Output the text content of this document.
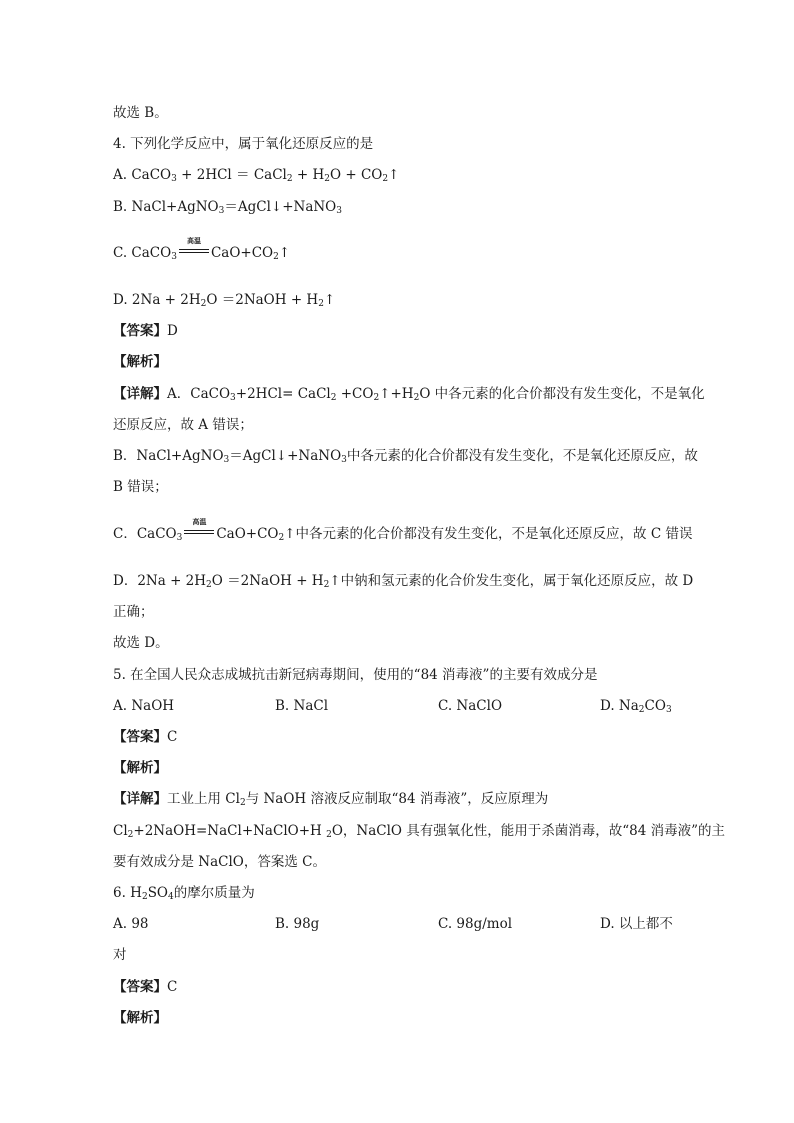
故选 B。
4. 下列化学反应中，属于氧化还原反应的是
A. CaCO$_3$ + 2HCl ＝ CaCl$_2$ + $H_2O$ + $CO_2↑$
B. NaCl+AgNO$_3$＝AgCl↓+NaNO$_3$
C. CaCO$_3$
高温
$CaO+CO_2↑$
D. $2Na + 2H_2O$ ＝2NaOH + $H_2↑$
【答案】D
【解析】
【详解】A．CaCO$_3$+2HCl= CaCl$_2$ $+CO_2↑+H_2O$ 中各元素的化合价都没有发生变化，不是氧化
还原反应，故 A 错误；
B．NaCl+AgNO$_3$＝AgCl↓+NaNO$_3$中各元素的化合价都没有发生变化，不是氧化还原反应，故
B 错误；
C．CaCO$_3$
高温
$CaO+CO_2↑$中各元素的化合价都没有发生变化，不是氧化还原反应，故 C 错误
D．$2Na + 2H_2O$ ＝2NaOH + $H_2↑$中钠和氢元素的化合价发生变化，属于氧化还原反应，故 D
正确；
故选 D。
5. 在全国人民众志成城抗击新冠病毒期间，使用的“84 消毒液”的主要有效成分是
A. NaOH	B. NaCl	C. NaClO	D. $Na_2CO_3$
【答案】C
【解析】
【详解】工业上用 $Cl_2$与 NaOH 溶液反应制取“84 消毒液”，反应原理为
$Cl_2+2NaOH=NaCl+NaClO+H$ $_2$O，NaClO 具有强氧化性，能用于杀菌消毒，故“84 消毒液”的主
要有效成分是 NaClO，答案选 C。
6. $H_2SO_4$的摩尔质量为
A. 98	B. 98g	C. 98g/mol	D. 以上都不
对
【答案】C
【解析】
